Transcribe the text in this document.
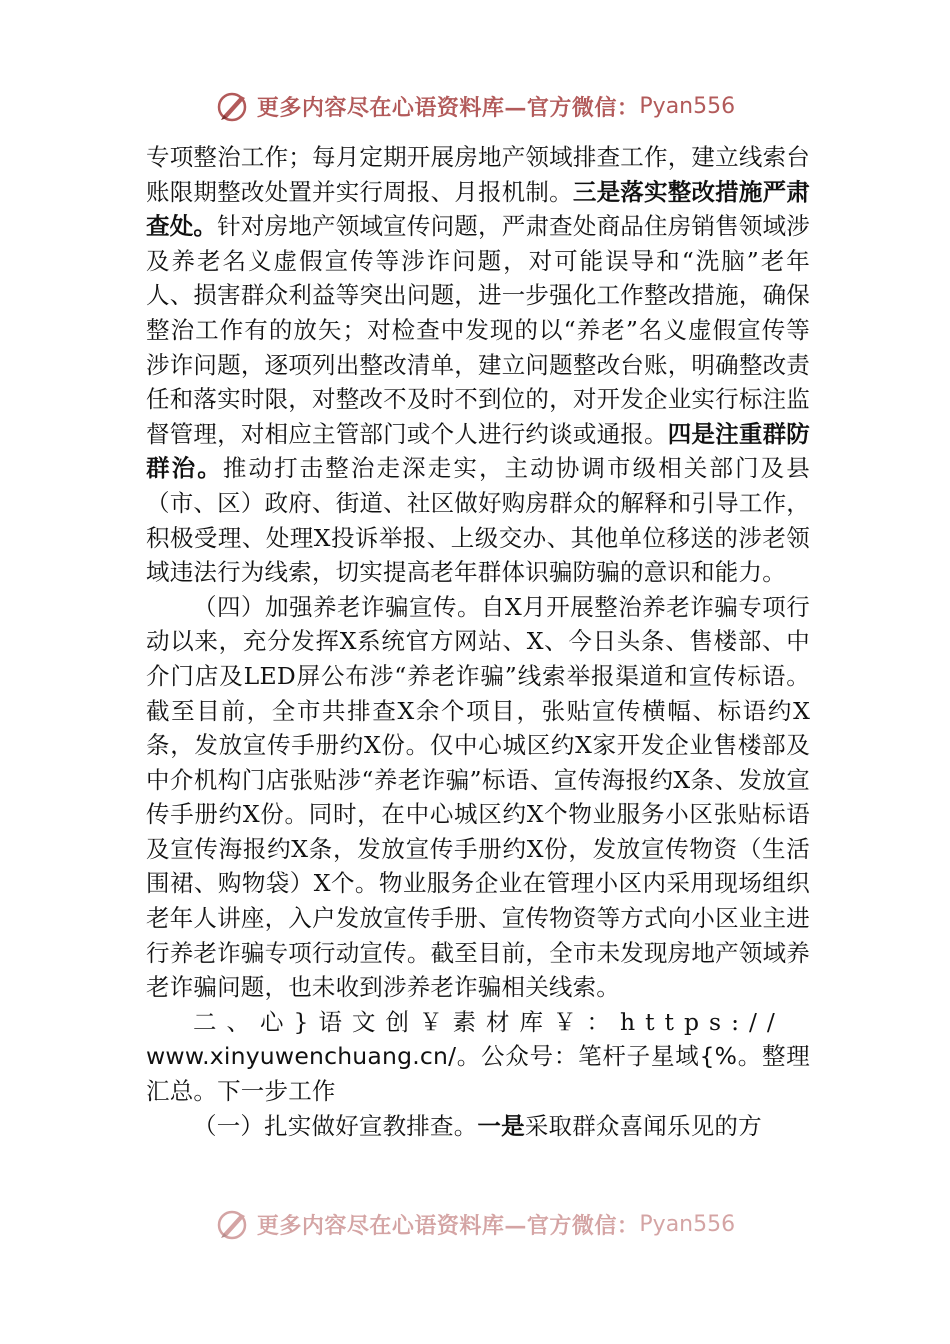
更多内容尽在心语资料库—官方微信： Pyan556

专项整治工作；每月定期开展房地产领域排查工作，建立线索台账限期整改处置并实行周报、月报机制。三是落实整改措施严肃查处。针对房地产领域宣传问题，严肃查处商品住房销售领域涉及养老名义虚假宣传等涉诈问题，对可能误导和“洗脑”老年人、损害群众利益等突出问题，进一步强化工作整改措施，确保整治工作有的放矢；对检查中发现的以“养老”名义虚假宣传等涉诈问题，逐项列出整改清单，建立问题整改台账，明确整改责任和落实时限，对整改不及时不到位的，对开发企业实行标注监督管理，对相应主管部门或个人进行约谈或通报。四是注重群防群治。推动打击整治走深走实，主动协调市级相关部门及县（市、区）政府、街道、社区做好购房群众的解释和引导工作，积极受理、处理X投诉举报、上级交办、其他单位移送的涉老领域违法行为线索，切实提高老年群体识骗防骗的意识和能力。

（四）加强养老诈骗宣传。自X月开展整治养老诈骗专项行动以来，充分发挥X系统官方网站、X、今日头条、售楼部、中介门店及LED屏公布涉“养老诈骗”线索举报渠道和宣传标语。截至目前，全市共排查X余个项目，张贴宣传横幅、标语约X条，发放宣传手册约X份。仅中心城区约X家开发企业售楼部及中介机构门店张贴涉“养老诈骗”标语、宣传海报约X条、发放宣传手册约X份。同时，在中心城区约X个物业服务小区张贴标语及宣传海报约X条，发放宣传手册约X份，发放宣传物资（生活围裙、购物袋）X个。物业服务企业在管理小区内采用现场组织老年人讲座，入户发放宣传手册、宣传物资等方式向小区业主进行养老诈骗专项行动宣传。截至目前，全市未发现房地产领域养老诈骗问题，也未收到涉养老诈骗相关线索。

二、心}语文创￥素材库￥：https://

www.xinyuwenchuang.cn/。公众号：笔杆子星域{%。整理汇总。下一步工作

（一）扎实做好宣教排查。一是采取群众喜闻乐见的方

更多内容尽在心语资料库—官方微信： Pyan556
